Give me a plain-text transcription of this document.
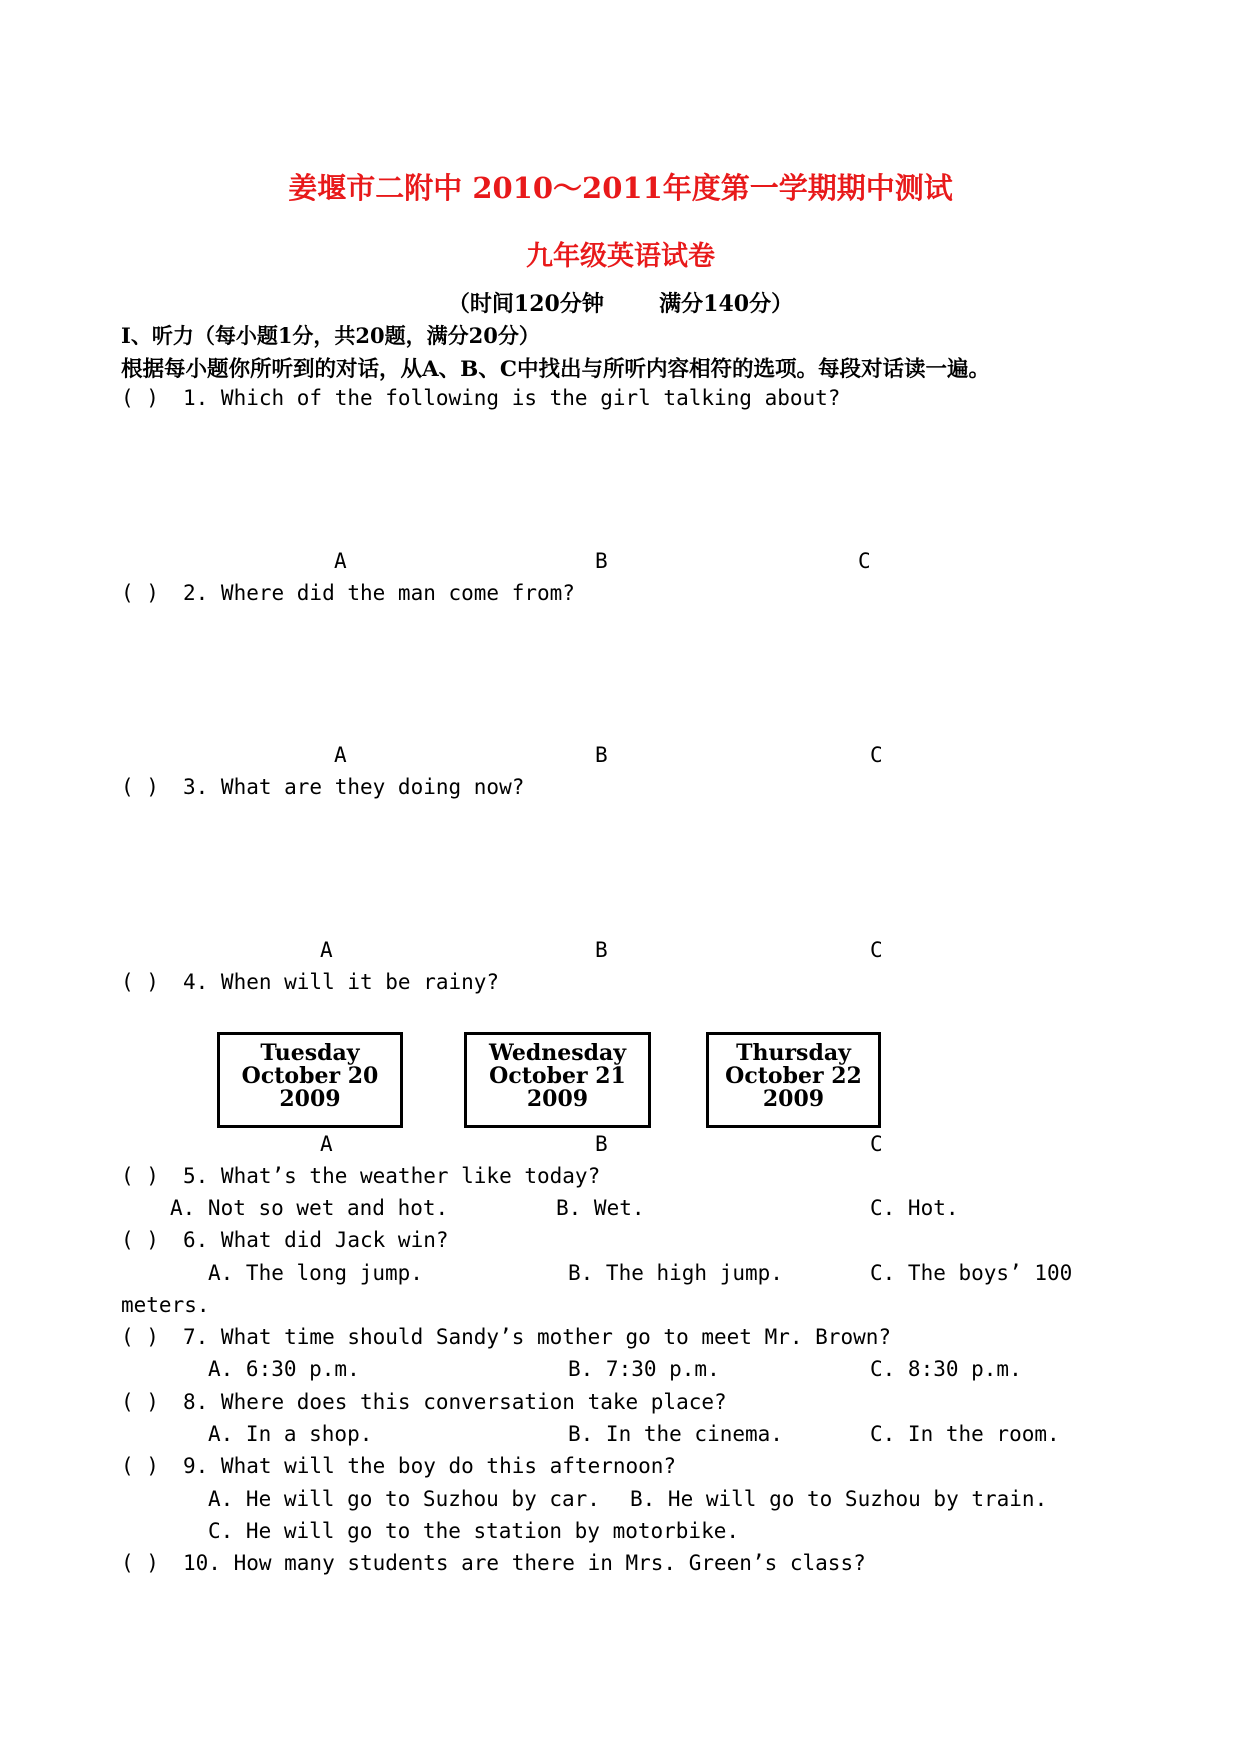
姜堰市二附中 2010～2011年度第一学期期中测试
九年级英语试卷
（时间120分钟	满分140分）
Ⅰ、听力（每小题1分，共20题，满分20分）
根据每小题你所听到的对话，从A、B、C中找出与所听内容相符的选项。每段对话读一遍。
( ) 1. Which of the following is the girl talking about?
A	B	C
( ) 2. Where did the man come from?
A	B	C
( ) 3. What are they doing now?
A	B	C
( ) 4. When will it be rainy?
Tuesday
October 20
2009
Wednesday
October 21
2009
Thursday
October 22
2009
A	B	C
( ) 5. What’s the weather like today?
A. Not so wet and hot.	B. Wet.	C. Hot.
( ) 6. What did Jack win?
A. The long jump.	B. The high jump.	C. The boys’ 100
meters.
( ) 7. What time should Sandy’s mother go to meet Mr. Brown?
A. 6:30 p.m.	B. 7:30 p.m.	C. 8:30 p.m.
( ) 8. Where does this conversation take place?
A. In a shop.	B. In the cinema.	C. In the room.
( ) 9. What will the boy do this afternoon?
A. He will go to Suzhou by car. B. He will go to Suzhou by train.
C. He will go to the station by motorbike.
( ) 10. How many students are there in Mrs. Green’s class?
